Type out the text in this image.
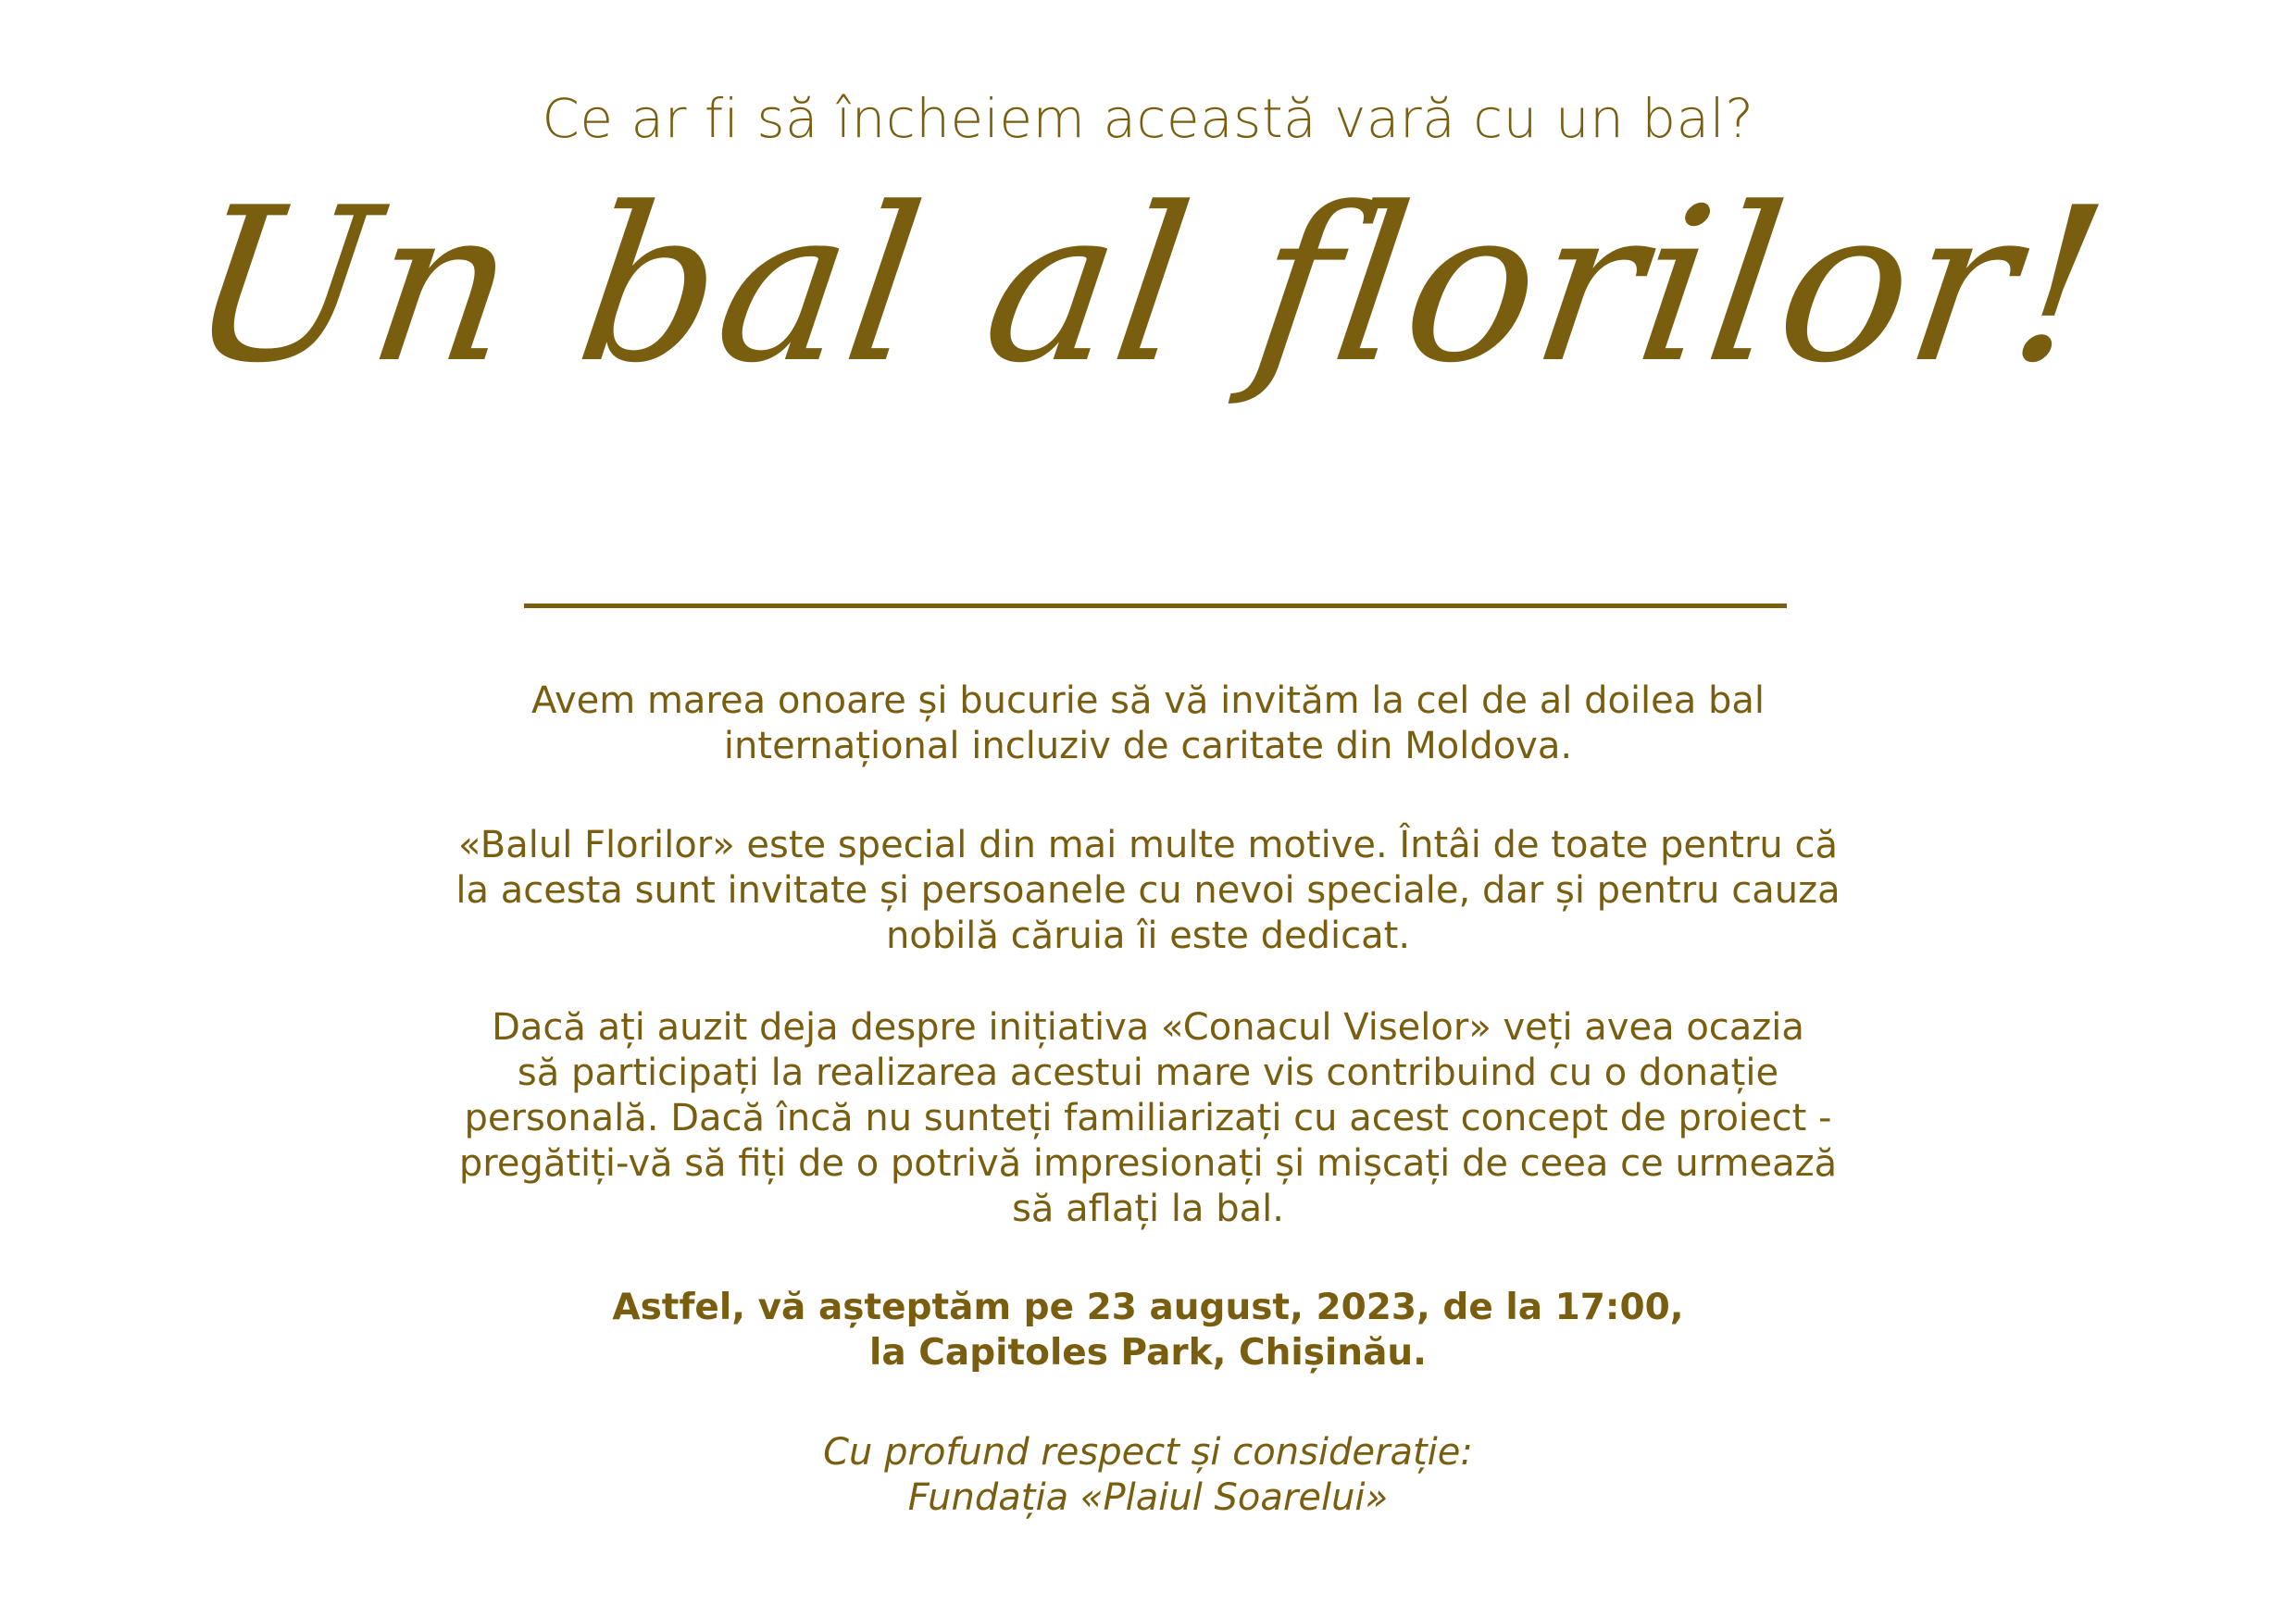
Ce ar fi să încheiem această vară cu un bal?
Un bal al florilor!

Avem marea onoare și bucurie să vă invităm la cel de al doilea bal
internațional incluziv de caritate din Moldova.

«Balul Florilor» este special din mai multe motive. Întâi de toate pentru că
la acesta sunt invitate și persoanele cu nevoi speciale, dar și pentru cauza
nobilă căruia îi este dedicat.

Dacă ați auzit deja despre inițiativa «Conacul Viselor» veți avea ocazia
să participați la realizarea acestui mare vis contribuind cu o donație
personală. Dacă încă nu sunteți familiarizați cu acest concept de proiect -
pregătiți-vă să fiți de o potrivă impresionați și mișcați de ceea ce urmează
să aflați la bal.

Astfel, vă așteptăm pe 23 august, 2023, de la 17:00,
la Capitoles Park, Chișinău.

Cu profund respect și considerație:
Fundația «Plaiul Soarelui»
